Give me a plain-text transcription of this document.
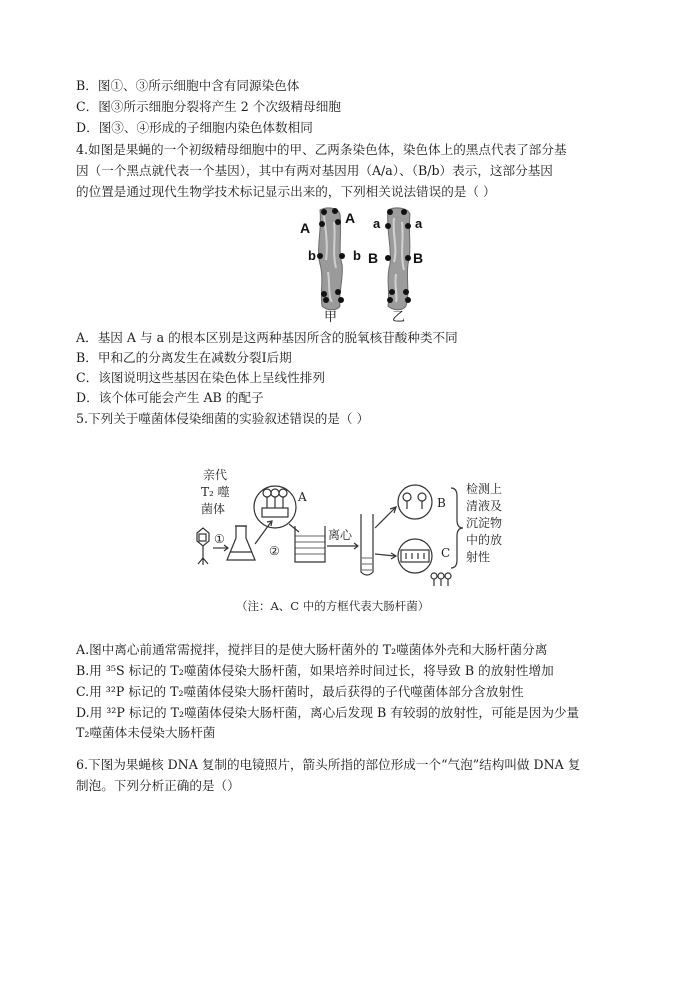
B．图①、③所示细胞中含有同源染色体
C．图③所示细胞分裂将产生 2 个次级精母细胞
D．图③、④形成的子细胞内染色体数相同
4.如图是果蝇的一个初级精母细胞中的甲、乙两条染色体，染色体上的黑点代表了部分基
因（一个黑点就代表一个基因），其中有两对基因用（A/a）、（B/b）表示，这部分基因
的位置是通过现代生物学技术标记显示出来的，下列相关说法错误的是（ ）
A
A a	a
b	b B B
甲	乙
A．基因 A 与 a 的根本区别是这两种基因所含的脱氧核苷酸种类不同
B．甲和乙的分离发生在减数分裂Ⅰ后期
C．该图说明这些基因在染色体上呈线性排列
D．该个体可能会产生 AB 的配子
5.下列关于噬菌体侵染细菌的实验叙述错误的是（ ）
亲代
T₂ 噬
菌体
①
②
A
离心
B
C
检测上
清液及
沉淀物
中的放
射性
（注：A、C 中的方框代表大肠杆菌）
A.图中离心前通常需搅拌，搅拌目的是使大肠杆菌外的 T₂噬菌体外壳和大肠杆菌分离
B.用 ³⁵S 标记的 T₂噬菌体侵染大肠杆菌，如果培养时间过长，将导致 B 的放射性增加
C.用 ³²P 标记的 T₂噬菌体侵染大肠杆菌时，最后获得的子代噬菌体部分含放射性
D.用 ³²P 标记的 T₂噬菌体侵染大肠杆菌，离心后发现 B 有较弱的放射性，可能是因为少量
T₂噬菌体未侵染大肠杆菌
6.下图为果蝇核 DNA 复制的电镜照片，箭头所指的部位形成一个“气泡”结构叫做 DNA 复
制泡。下列分析正确的是（）
